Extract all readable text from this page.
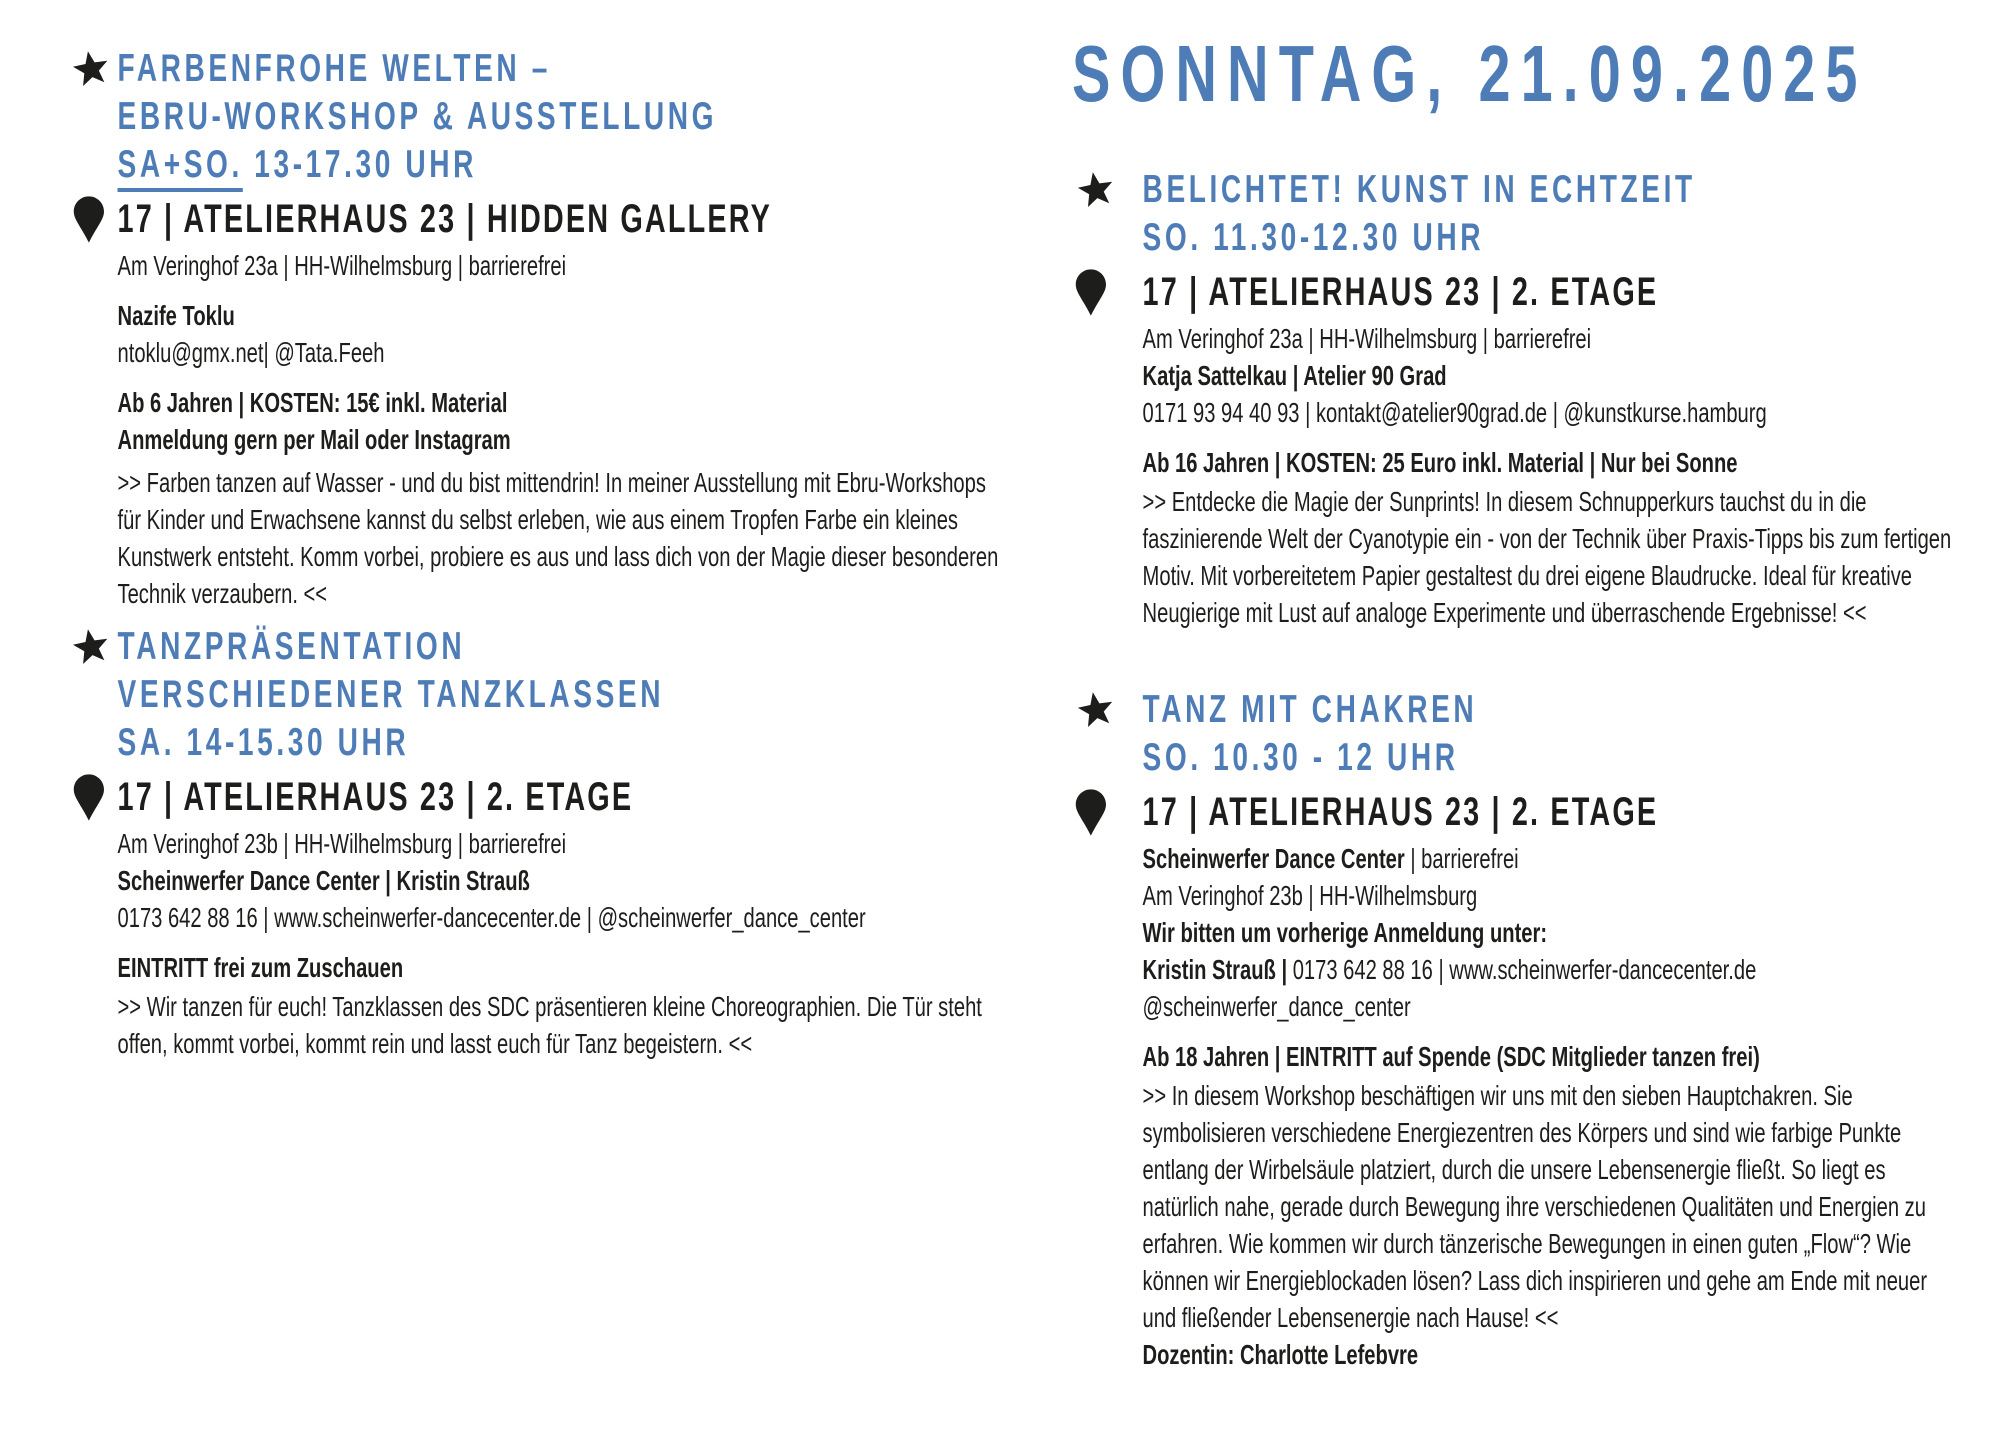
FARBENFROHE WELTEN –
EBRU-WORKSHOP & AUSSTELLUNG
SA+SO. 13-17.30 UHR
17 | ATELIERHAUS 23 | HIDDEN GALLERY
Am Veringhof 23a | HH-Wilhelmsburg | barrierefrei
Nazife Toklu
ntoklu@gmx.net| @Tata.Feeh
Ab 6 Jahren | KOSTEN: 15€ inkl. Material
Anmeldung gern per Mail oder Instagram
>> Farben tanzen auf Wasser - und du bist mittendrin! In meiner Ausstellung mit Ebru-Workshops für Kinder und Erwachsene kannst du selbst erleben, wie aus einem Tropfen Farbe ein kleines Kunstwerk entsteht. Komm vorbei, probiere es aus und lass dich von der Magie dieser besonderen Technik verzaubern. <<
TANZPRÄSENTATION
VERSCHIEDENER TANZKLASSEN
SA. 14-15.30 UHR
17 | ATELIERHAUS 23 | 2. ETAGE
Am Veringhof 23b | HH-Wilhelmsburg | barrierefrei
Scheinwerfer Dance Center | Kristin Strauß
0173 642 88 16 | www.scheinwerfer-dancecenter.de | @scheinwerfer_dance_center
EINTRITT frei zum Zuschauen
>> Wir tanzen für euch! Tanzklassen des SDC präsentieren kleine Choreographien. Die Tür steht offen, kommt vorbei, kommt rein und lasst euch für Tanz begeistern. <<
SONNTAG, 21.09.2025
BELICHTET! KUNST IN ECHTZEIT
SO. 11.30-12.30 UHR
17 | ATELIERHAUS 23 | 2. ETAGE
Am Veringhof 23a | HH-Wilhelmsburg | barrierefrei
Katja Sattelkau | Atelier 90 Grad
0171 93 94 40 93 | kontakt@atelier90grad.de | @kunstkurse.hamburg
Ab 16 Jahren | KOSTEN: 25 Euro inkl. Material | Nur bei Sonne
>> Entdecke die Magie der Sunprints! In diesem Schnupperkurs tauchst du in die faszinierende Welt der Cyanotypie ein - von der Technik über Praxis-Tipps bis zum fertigen Motiv. Mit vorbereitetem Papier gestaltest du drei eigene Blaudrucke. Ideal für kreative Neugierige mit Lust auf analoge Experimente und überraschende Ergebnisse! <<
TANZ MIT CHAKREN
SO. 10.30 - 12 UHR
17 | ATELIERHAUS 23 | 2. ETAGE
Scheinwerfer Dance Center | barrierefrei
Am Veringhof 23b | HH-Wilhelmsburg
Wir bitten um vorherige Anmeldung unter:
Kristin Strauß | 0173 642 88 16 | www.scheinwerfer-dancecenter.de
@scheinwerfer_dance_center
Ab 18 Jahren | EINTRITT auf Spende (SDC Mitglieder tanzen frei)
>> In diesem Workshop beschäftigen wir uns mit den sieben Hauptchakren. Sie symbolisieren verschiedene Energiezentren des Körpers und sind wie farbige Punkte entlang der Wirbelsäule platziert, durch die unsere Lebensenergie fließt. So liegt es natürlich nahe, gerade durch Bewegung ihre verschiedenen Qualitäten und Energien zu erfahren. Wie kommen wir durch tänzerische Bewegungen in einen guten „Flow“? Wie können wir Energieblockaden lösen? Lass dich inspirieren und gehe am Ende mit neuer und fließender Lebensenergie nach Hause! <<
Dozentin: Charlotte Lefebvre
